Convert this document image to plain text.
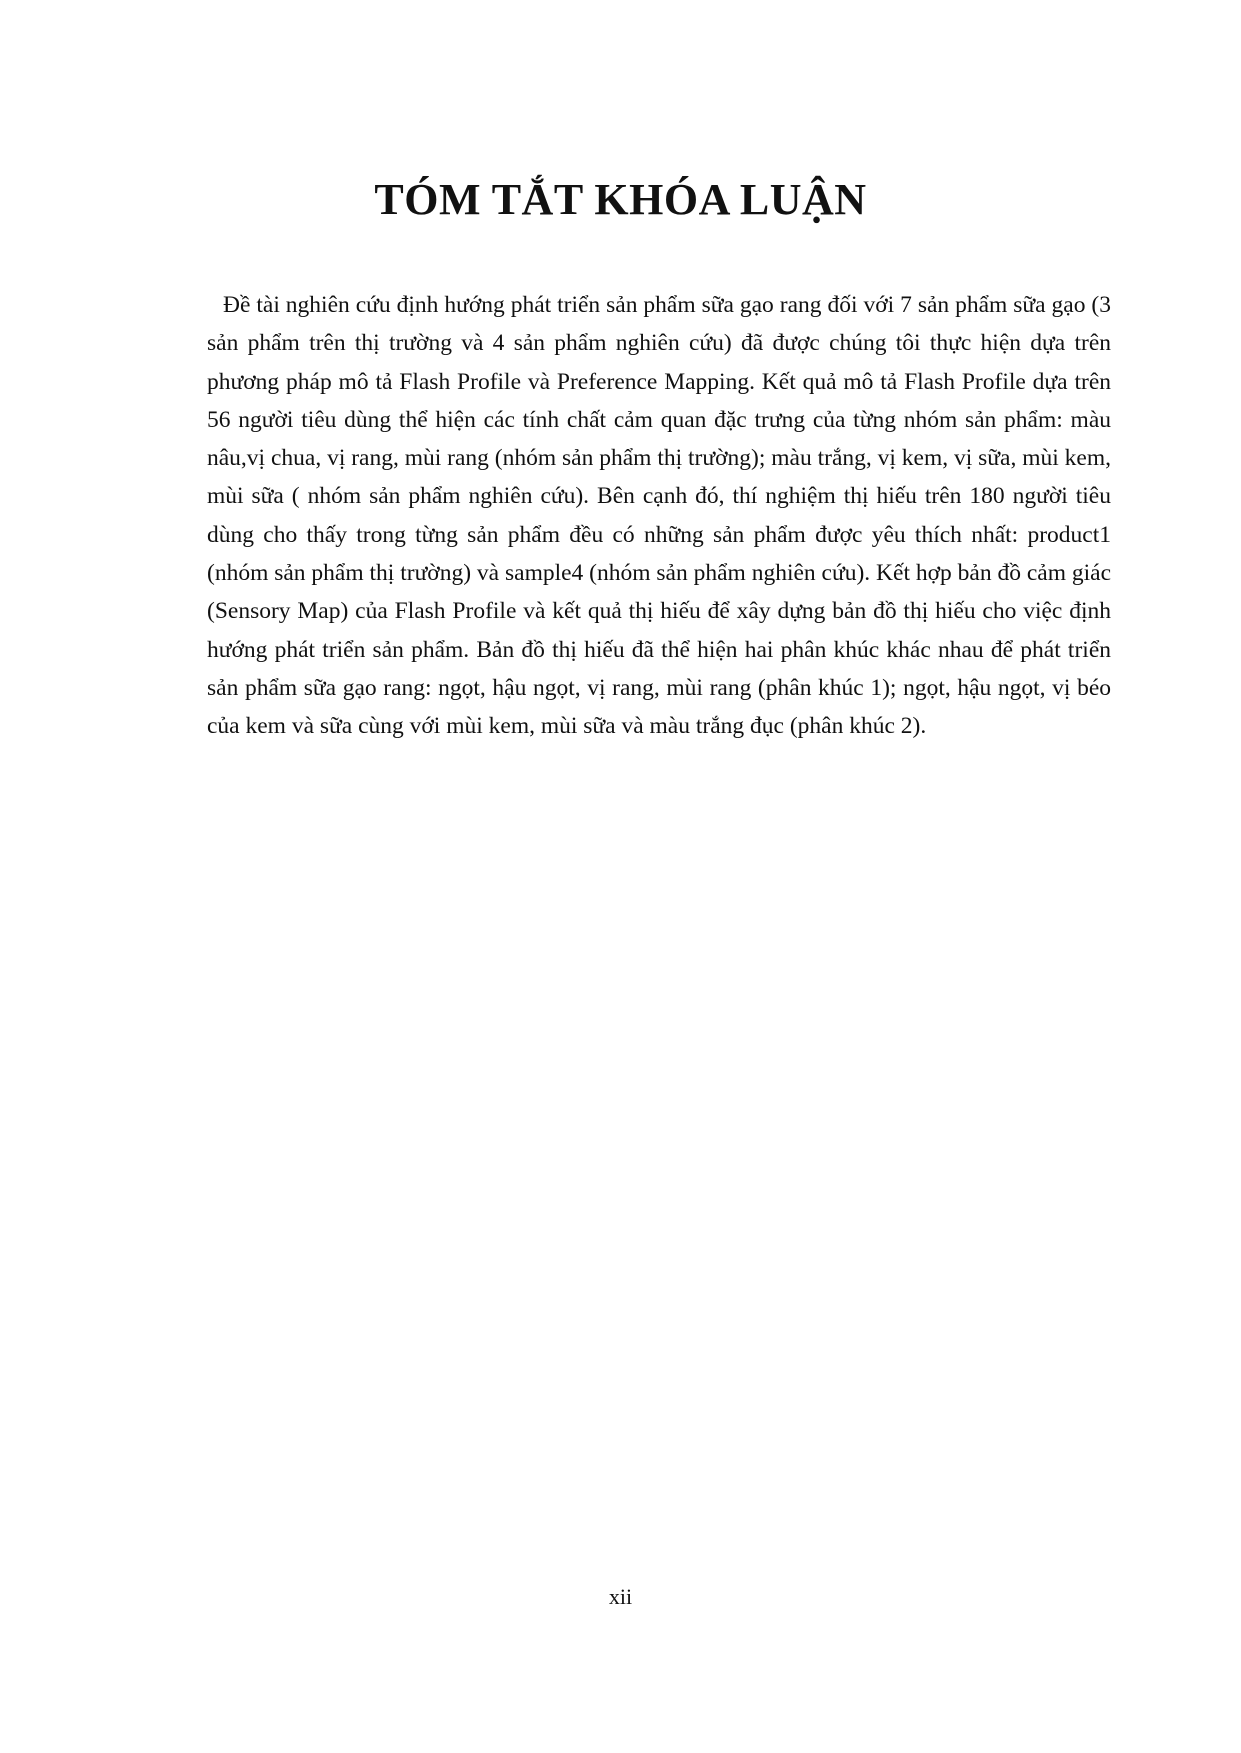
TÓM TẮT KHÓA LUẬN

Đề tài nghiên cứu định hướng phát triển sản phẩm sữa gạo rang đối với 7 sản phẩm sữa gạo (3 sản phẩm trên thị trường và 4 sản phẩm nghiên cứu) đã được chúng tôi thực hiện dựa trên phương pháp mô tả Flash Profile và Preference Mapping. Kết quả mô tả Flash Profile dựa trên 56 người tiêu dùng thể hiện các tính chất cảm quan đặc trưng của từng nhóm sản phẩm: màu nâu,vị chua, vị rang, mùi rang (nhóm sản phẩm thị trường); màu trắng, vị kem, vị sữa, mùi kem, mùi sữa ( nhóm sản phẩm nghiên cứu). Bên cạnh đó, thí nghiệm thị hiếu trên 180 người tiêu dùng cho thấy trong từng sản phẩm đều có những sản phẩm được yêu thích nhất: product1 (nhóm sản phẩm thị trường) và sample4 (nhóm sản phẩm nghiên cứu). Kết hợp bản đồ cảm giác (Sensory Map) của Flash Profile và kết quả thị hiếu để xây dựng bản đồ thị hiếu cho việc định hướng phát triển sản phẩm. Bản đồ thị hiếu đã thể hiện hai phân khúc khác nhau để phát triển sản phẩm sữa gạo rang: ngọt, hậu ngọt, vị rang, mùi rang (phân khúc 1); ngọt, hậu ngọt, vị béo của kem và sữa cùng với mùi kem, mùi sữa và màu trắng đục (phân khúc 2).

xii
